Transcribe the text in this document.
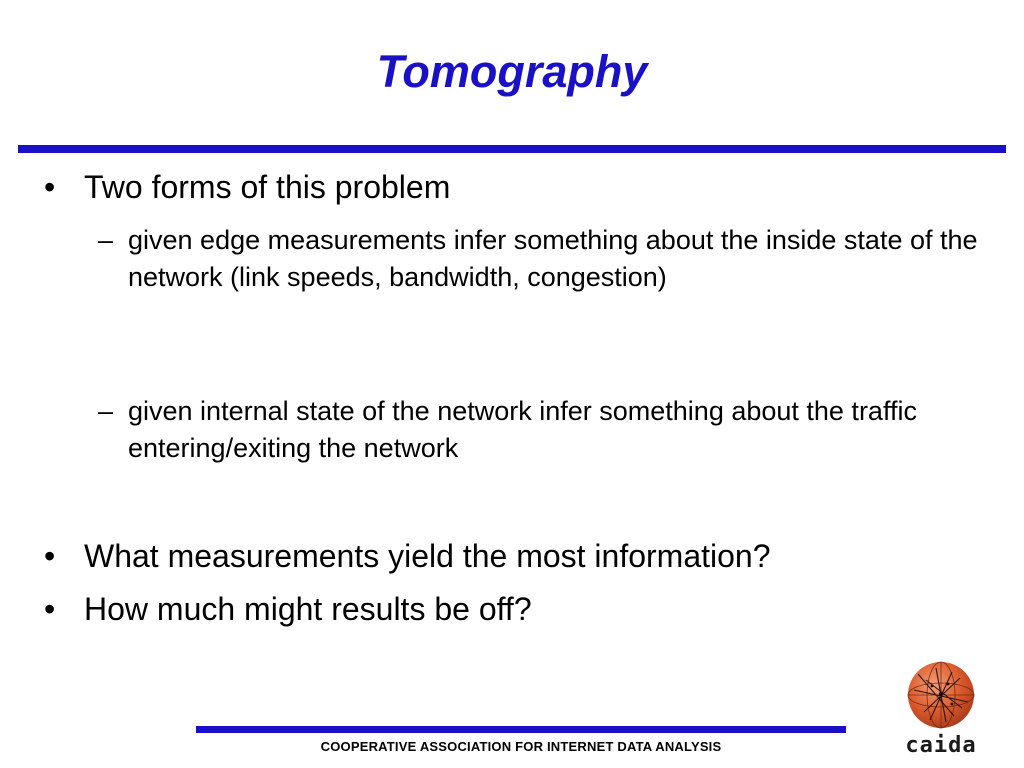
Tomography
• Two forms of this problem
– given edge measurements infer something about the inside state of the network (link speeds, bandwidth, congestion)
– given internal state of the network infer something about the traffic entering/exiting the network
• What measurements yield the most information?
• How much might results be off?
COOPERATIVE ASSOCIATION FOR INTERNET DATA ANALYSIS	caida
